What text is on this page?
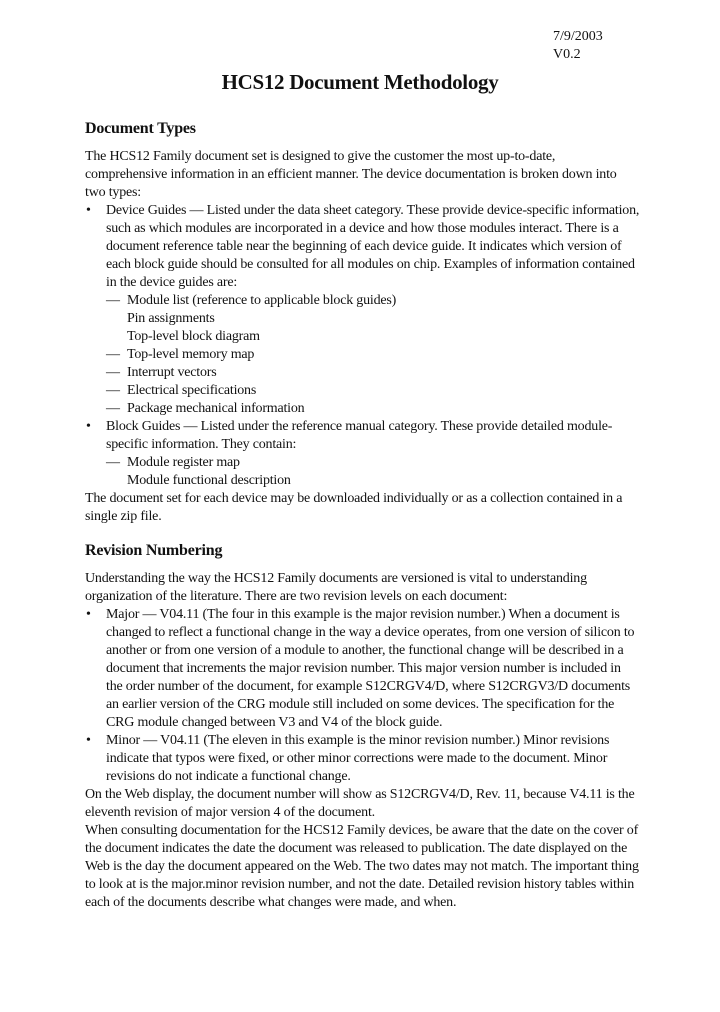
7/9/2003
V0.2
HCS12 Document Methodology
Document Types

The HCS12 Family document set is designed to give the customer the most up-to-date, comprehensive information in an efficient manner. The device documentation is broken down into two types:

• Device Guides — Listed under the data sheet category. These provide device-specific information, such as which modules are incorporated in a device and how those modules interact. There is a document reference table near the beginning of each device guide. It indicates which version of each block guide should be consulted for all modules on chip. Examples of information contained in the device guides are:
— Module list (reference to applicable block guides)
Pin assignments
Top-level block diagram
— Top-level memory map
— Interrupt vectors
— Electrical specifications
— Package mechanical information
• Block Guides — Listed under the reference manual category. These provide detailed module-specific information. They contain:
— Module register map
Module functional description

The document set for each device may be downloaded individually or as a collection contained in a single zip file.

Revision Numbering

Understanding the way the HCS12 Family documents are versioned is vital to understanding organization of the literature. There are two revision levels on each document:

• Major — V04.11 (The four in this example is the major revision number.) When a document is changed to reflect a functional change in the way a device operates, from one version of silicon to another or from one version of a module to another, the functional change will be described in a document that increments the major revision number. This major version number is included in the order number of the document, for example S12CRGV4/D, where S12CRGV3/D documents an earlier version of the CRG module still included on some devices. The specification for the CRG module changed between V3 and V4 of the block guide.
• Minor — V04.11 (The eleven in this example is the minor revision number.) Minor revisions indicate that typos were fixed, or other minor corrections were made to the document. Minor revisions do not indicate a functional change.

On the Web display, the document number will show as S12CRGV4/D, Rev. 11, because V4.11 is the eleventh revision of major version 4 of the document.

When consulting documentation for the HCS12 Family devices, be aware that the date on the cover of the document indicates the date the document was released to publication. The date displayed on the Web is the day the document appeared on the Web. The two dates may not match. The important thing to look at is the major.minor revision number, and not the date. Detailed revision history tables within each of the documents describe what changes were made, and when.
